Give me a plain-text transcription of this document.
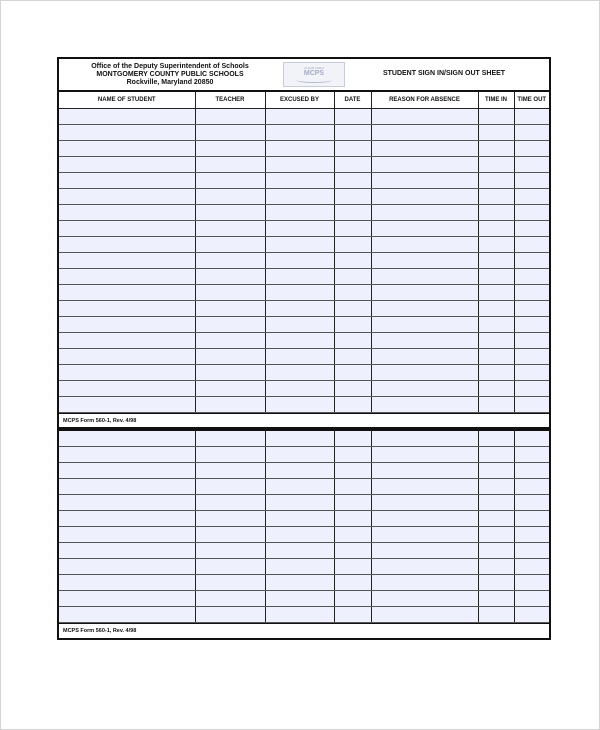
Office of the Deputy Superintendent of Schools
MONTGOMERY COUNTY PUBLIC SCHOOLS
Rockville, Maryland 20850
CLEAR FORM
MCPS	STUDENT SIGN IN/SIGN OUT SHEET
NAME OF STUDENT	TEACHER	EXCUSED BY	DATE	REASON FOR ABSENCE	TIME IN	TIME OUT

MCPS Form 560-1, Rev. 4/98

MCPS Form 560-1, Rev. 4/98
